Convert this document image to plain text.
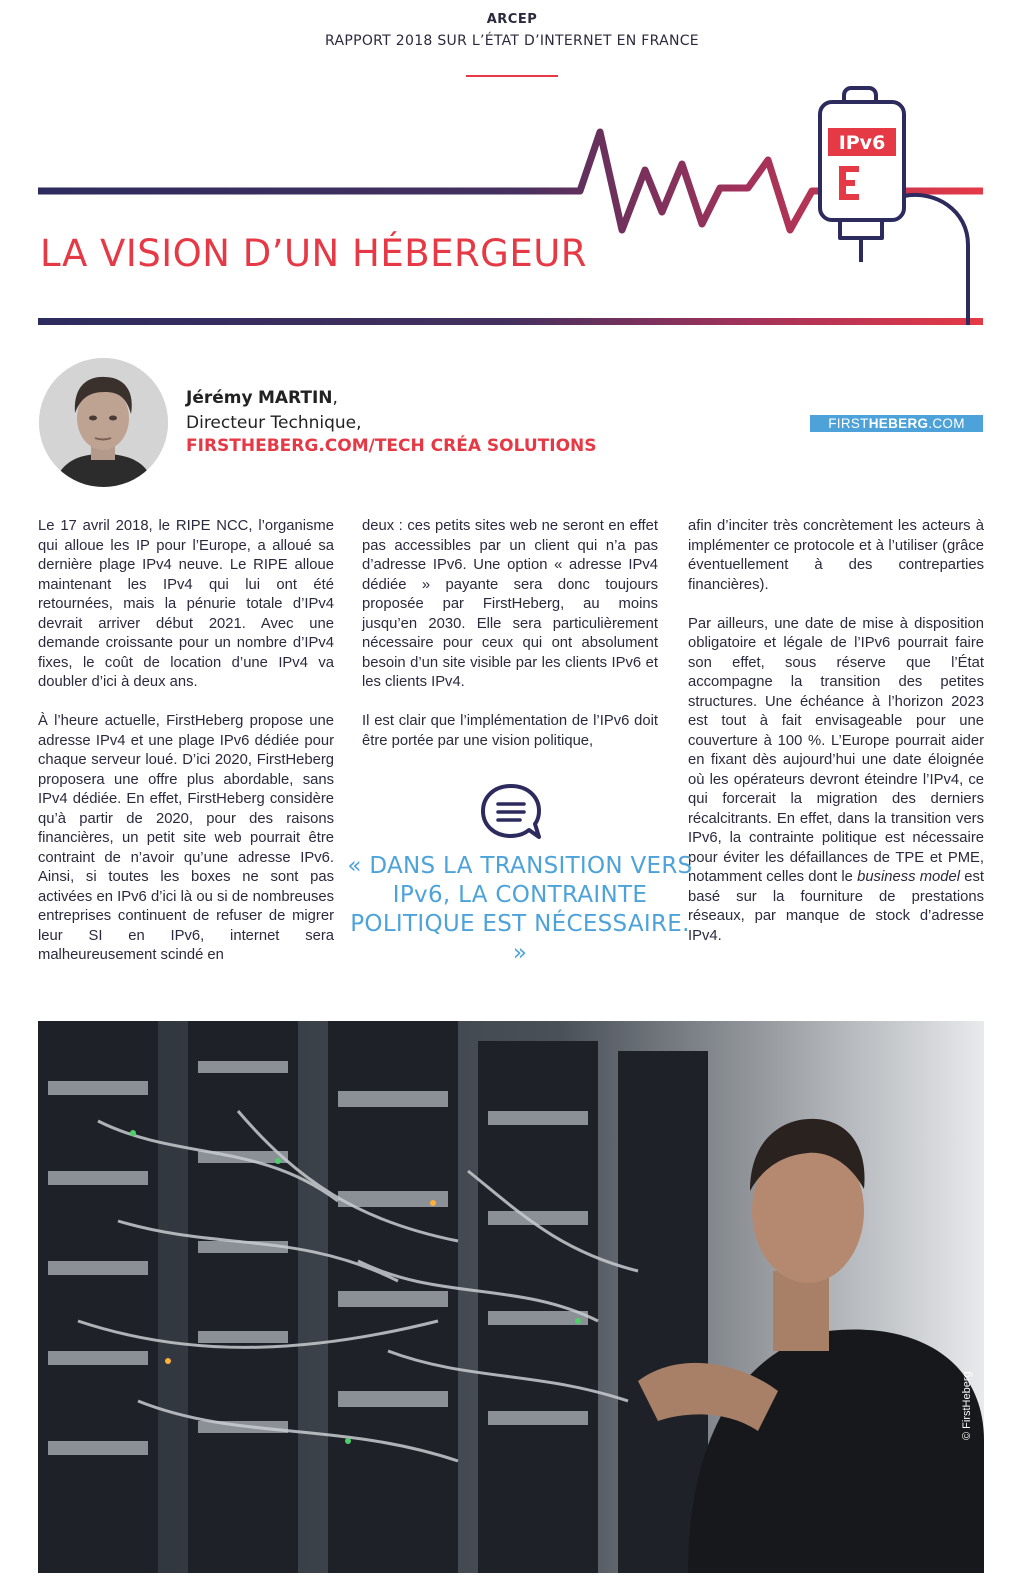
ARCEP
RAPPORT 2018 SUR L’ÉTAT D’INTERNET EN FRANCE
IPv6
LA VISION D’UN HÉBERGEUR
Jérémy MARTIN,
Directeur Technique,
FIRSTHEBERG.COM/TECH CRÉA SOLUTIONS
FIRSTHEBERG.COM

Le 17 avril 2018, le RIPE NCC, l’organisme qui alloue les IP pour l’Europe, a alloué sa dernière plage IPv4 neuve. Le RIPE alloue maintenant les IPv4 qui lui ont été retournées, mais la pénurie totale d’IPv4 devrait arriver début 2021. Avec une demande croissante pour un nombre d’IPv4 fixes, le coût de location d’une IPv4 va doubler d’ici à deux ans.

À l’heure actuelle, FirstHeberg propose une adresse IPv4 et une plage IPv6 dédiée pour chaque serveur loué. D’ici 2020, FirstHeberg proposera une offre plus abordable, sans IPv4 dédiée. En effet, FirstHeberg considère qu’à partir de 2020, pour des raisons financières, un petit site web pourrait être contraint de n’avoir qu’une adresse IPv6. Ainsi, si toutes les boxes ne sont pas activées en IPv6 d’ici là ou si de nombreuses entreprises continuent de refuser de migrer leur SI en IPv6, internet sera malheureusement scindé en

deux : ces petits sites web ne seront en effet pas accessibles par un client qui n’a pas d’adresse IPv6. Une option « adresse IPv4 dédiée » payante sera donc toujours proposée par FirstHeberg, au moins jusqu’en 2030. Elle sera particulièrement nécessaire pour ceux qui ont absolument besoin d’un site visible par les clients IPv6 et les clients IPv4.

Il est clair que l’implémentation de l’IPv6 doit être portée par une vision politique,

afin d’inciter très concrètement les acteurs à implémenter ce protocole et à l’utiliser (grâce éventuellement à des contreparties financières).

Par ailleurs, une date de mise à disposition obligatoire et légale de l’IPv6 pourrait faire son effet, sous réserve que l’État accompagne la transition des petites structures. Une échéance à l’horizon 2023 est tout à fait envisageable pour une couverture à 100 %. L’Europe pourrait aider en fixant dès aujourd’hui une date éloignée où les opérateurs devront éteindre l’IPv4, ce qui forcerait la migration des derniers récalcitrants. En effet, dans la transition vers IPv6, la contrainte politique est nécessaire pour éviter les défaillances de TPE et PME, notamment celles dont le business model est basé sur la fourniture de prestations réseaux, par manque de stock d’adresse IPv4.

« DANS LA TRANSITION VERS IPv6, LA CONTRAINTE POLITIQUE EST NÉCESSAIRE. »

© FirstHeberg
